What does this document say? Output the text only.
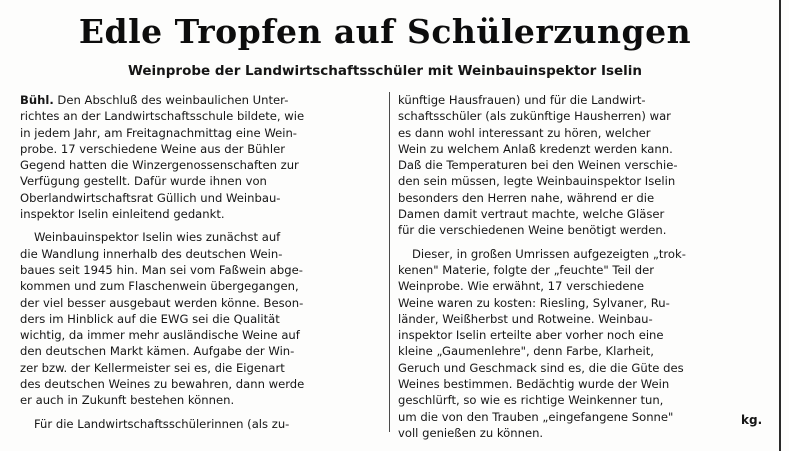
Edle Tropfen auf Schülerzungen
Weinprobe der Landwirtschaftsschüler mit Weinbauinspektor Iselin
Bühl. Den Abschluß des weinbaulichen Unter-
richtes an der Landwirtschaftsschule bildete, wie
in jedem Jahr, am Freitagnachmittag eine Wein-
probe. 17 verschiedene Weine aus der Bühler
Gegend hatten die Winzergenossenschaften zur
Verfügung gestellt. Dafür wurde ihnen von
Oberlandwirtschaftsrat Güllich und Weinbau-
inspektor Iselin einleitend gedankt.
Weinbauinspektor Iselin wies zunächst auf
die Wandlung innerhalb des deutschen Wein-
baues seit 1945 hin. Man sei vom Faßwein abge-
kommen und zum Flaschenwein übergegangen,
der viel besser ausgebaut werden könne. Beson-
ders im Hinblick auf die EWG sei die Qualität
wichtig, da immer mehr ausländische Weine auf
den deutschen Markt kämen. Aufgabe der Win-
zer bzw. der Kellermeister sei es, die Eigenart
des deutschen Weines zu bewahren, dann werde
er auch in Zukunft bestehen können.
Für die Landwirtschaftsschülerinnen (als zu-
künftige Hausfrauen) und für die Landwirt-
schaftsschüler (als zukünftige Hausherren) war
es dann wohl interessant zu hören, welcher
Wein zu welchem Anlaß kredenzt werden kann.
Daß die Temperaturen bei den Weinen verschie-
den sein müssen, legte Weinbauinspektor Iselin
besonders den Herren nahe, während er die
Damen damit vertraut machte, welche Gläser
für die verschiedenen Weine benötigt werden.
Dieser, in großen Umrissen aufgezeigten „trok-
kenen" Materie, folgte der „feuchte" Teil der
Weinprobe. Wie erwähnt, 17 verschiedene
Weine waren zu kosten: Riesling, Sylvaner, Ru-
länder, Weißherbst und Rotweine. Weinbau-
inspektor Iselin erteilte aber vorher noch eine
kleine „Gaumenlehre", denn Farbe, Klarheit,
Geruch und Geschmack sind es, die die Güte des
Weines bestimmen. Bedächtig wurde der Wein
geschlürft, so wie es richtige Weinkenner tun,
um die von den Trauben „eingefangene Sonne"
voll genießen zu können.
kg.
